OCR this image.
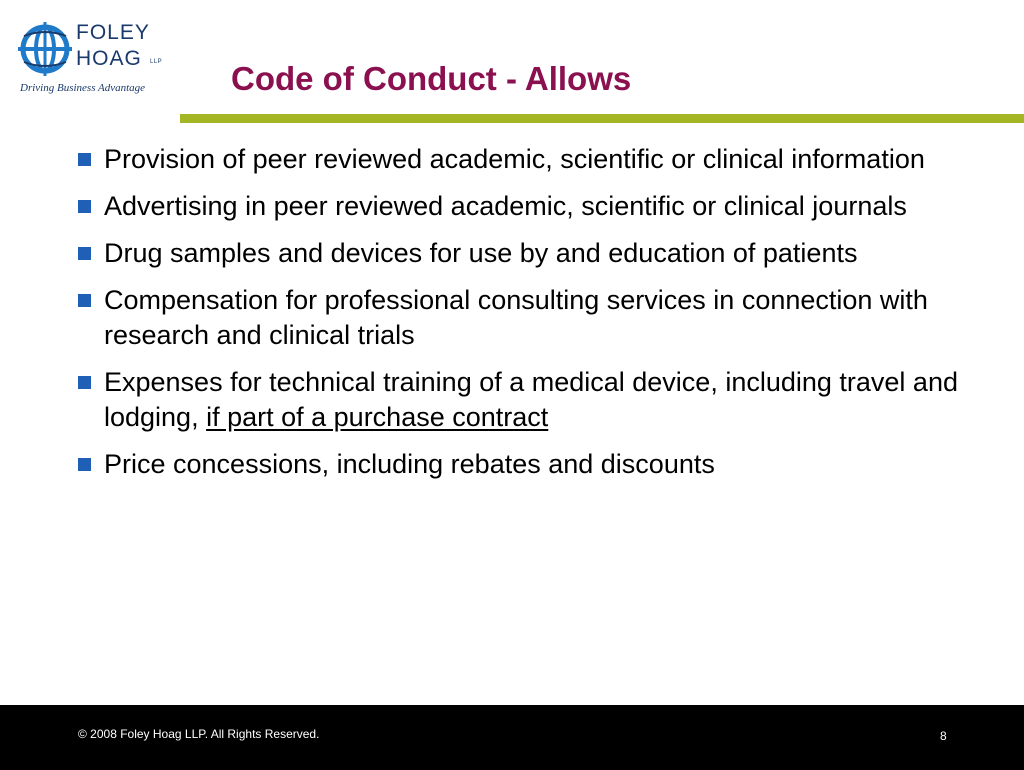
FOLEY
HOAG LLP
Driving Business Advantage	Code of Conduct - Allows
Provision of peer reviewed academic, scientific or clinical information
Advertising in peer reviewed academic, scientific or clinical journals
Drug samples and devices for use by and education of patients
Compensation for professional consulting services in connection with research and clinical trials
Expenses for technical training of a medical device, including travel and lodging, if part of a purchase contract
Price concessions, including rebates and discounts
© 2008 Foley Hoag LLP. All Rights Reserved.	8
